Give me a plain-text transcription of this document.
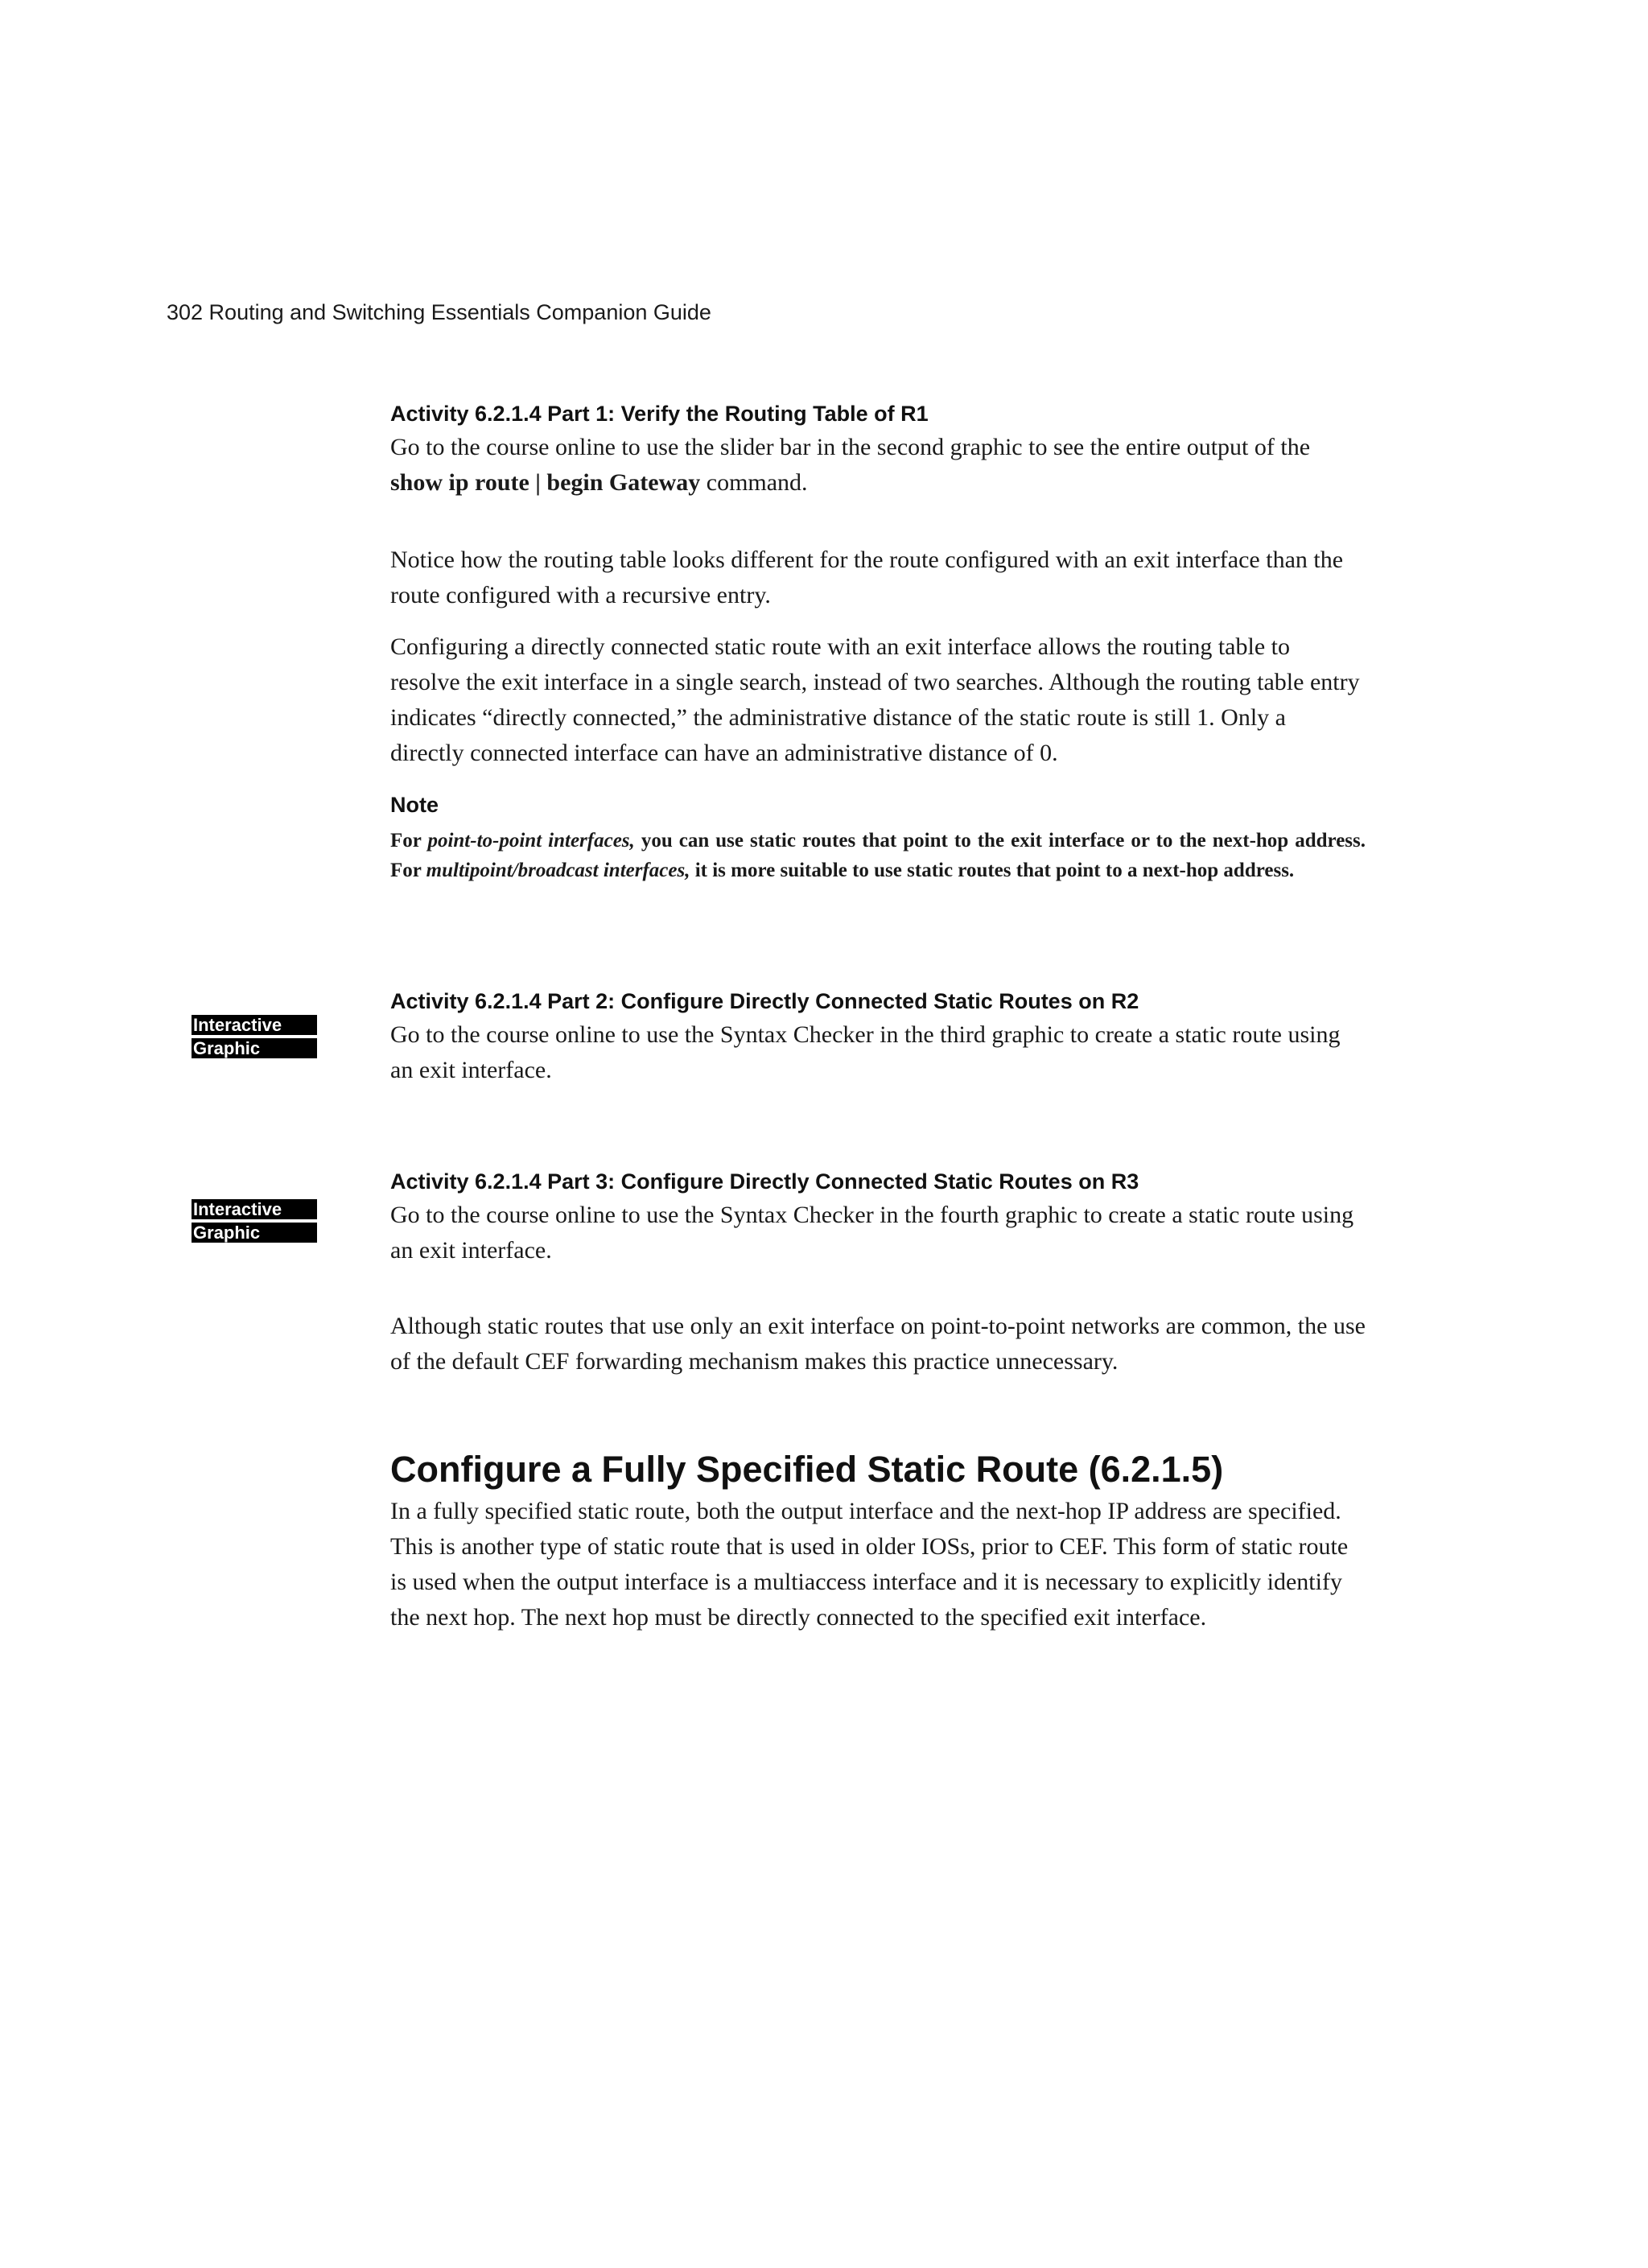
302 Routing and Switching Essentials Companion Guide
Activity 6.2.1.4 Part 1: Verify the Routing Table of R1

Go to the course online to use the slider bar in the second graphic to see the entire output of the show ip route | begin Gateway command.

Notice how the routing table looks different for the route configured with an exit interface than the route configured with a recursive entry.

Configuring a directly connected static route with an exit interface allows the routing table to resolve the exit interface in a single search, instead of two searches. Although the routing table entry indicates “directly connected,” the administrative distance of the static route is still 1. Only a directly connected interface can have an administrative distance of 0.

Note

For point-to-point interfaces, you can use static routes that point to the exit interface or to the next-hop address. For multipoint/broadcast interfaces, it is more suitable to use static routes that point to a next-hop address.

Interactive
Graphic
Activity 6.2.1.4 Part 2: Configure Directly Connected Static Routes on R2

Go to the course online to use the Syntax Checker in the third graphic to create a static route using an exit interface.

Interactive
Graphic
Activity 6.2.1.4 Part 3: Configure Directly Connected Static Routes on R3

Go to the course online to use the Syntax Checker in the fourth graphic to create a static route using an exit interface.

Although static routes that use only an exit interface on point-to-point networks are common, the use of the default CEF forwarding mechanism makes this practice unnecessary.

Configure a Fully Specified Static Route (6.2.1.5)

In a fully specified static route, both the output interface and the next-hop IP address are specified. This is another type of static route that is used in older IOSs, prior to CEF. This form of static route is used when the output interface is a multiaccess interface and it is necessary to explicitly identify the next hop. The next hop must be directly connected to the specified exit interface.
